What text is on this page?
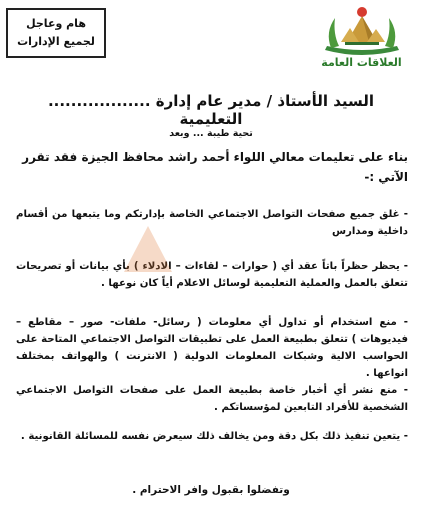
هام وعاجل
لجميع الإدارات
العلاقات العامة
السيد الأستاذ / مدير عام إدارة .................. التعليمية
تحية طيبة ... وبعد
بناء على تعليمات معالي اللواء أحمد راشد محافظ الجيزة فقد تقرر الآتي :-
- غلق جميع صفحات التواصل الاجتماعي الخاصة بإدارتكم وما يتبعها من أقسام داخلية ومدارس
- يحظر حظراً باتاً عقد أي ( حوارات – لقاءات – الادلاء ) بأي بيانات أو تصريحات تتعلق بالعمل والعملية التعليمية لوسائل الاعلام أياً كان نوعها .
- منع استخدام أو تداول أي معلومات ( رسائل- ملفات- صور – مقاطع – فيديوهات ) تتعلق بطبيعة العمل على تطبيقات التواصل الاجتماعي المتاحة على الحواسب الالية وشبكات المعلومات الدولية ( الانترنت ) والهواتف بمختلف انواعها .
- منع نشر أي أخبار خاصة بطبيعة العمل على صفحات التواصل الاجتماعي الشخصية للأفراد التابعين لمؤسساتكم .
- يتعين تنفيذ ذلك بكل دقة ومن يخالف ذلك سيعرض نفسه للمسائلة القانونية .
وتفضلوا بقبول وافر الاحترام .
